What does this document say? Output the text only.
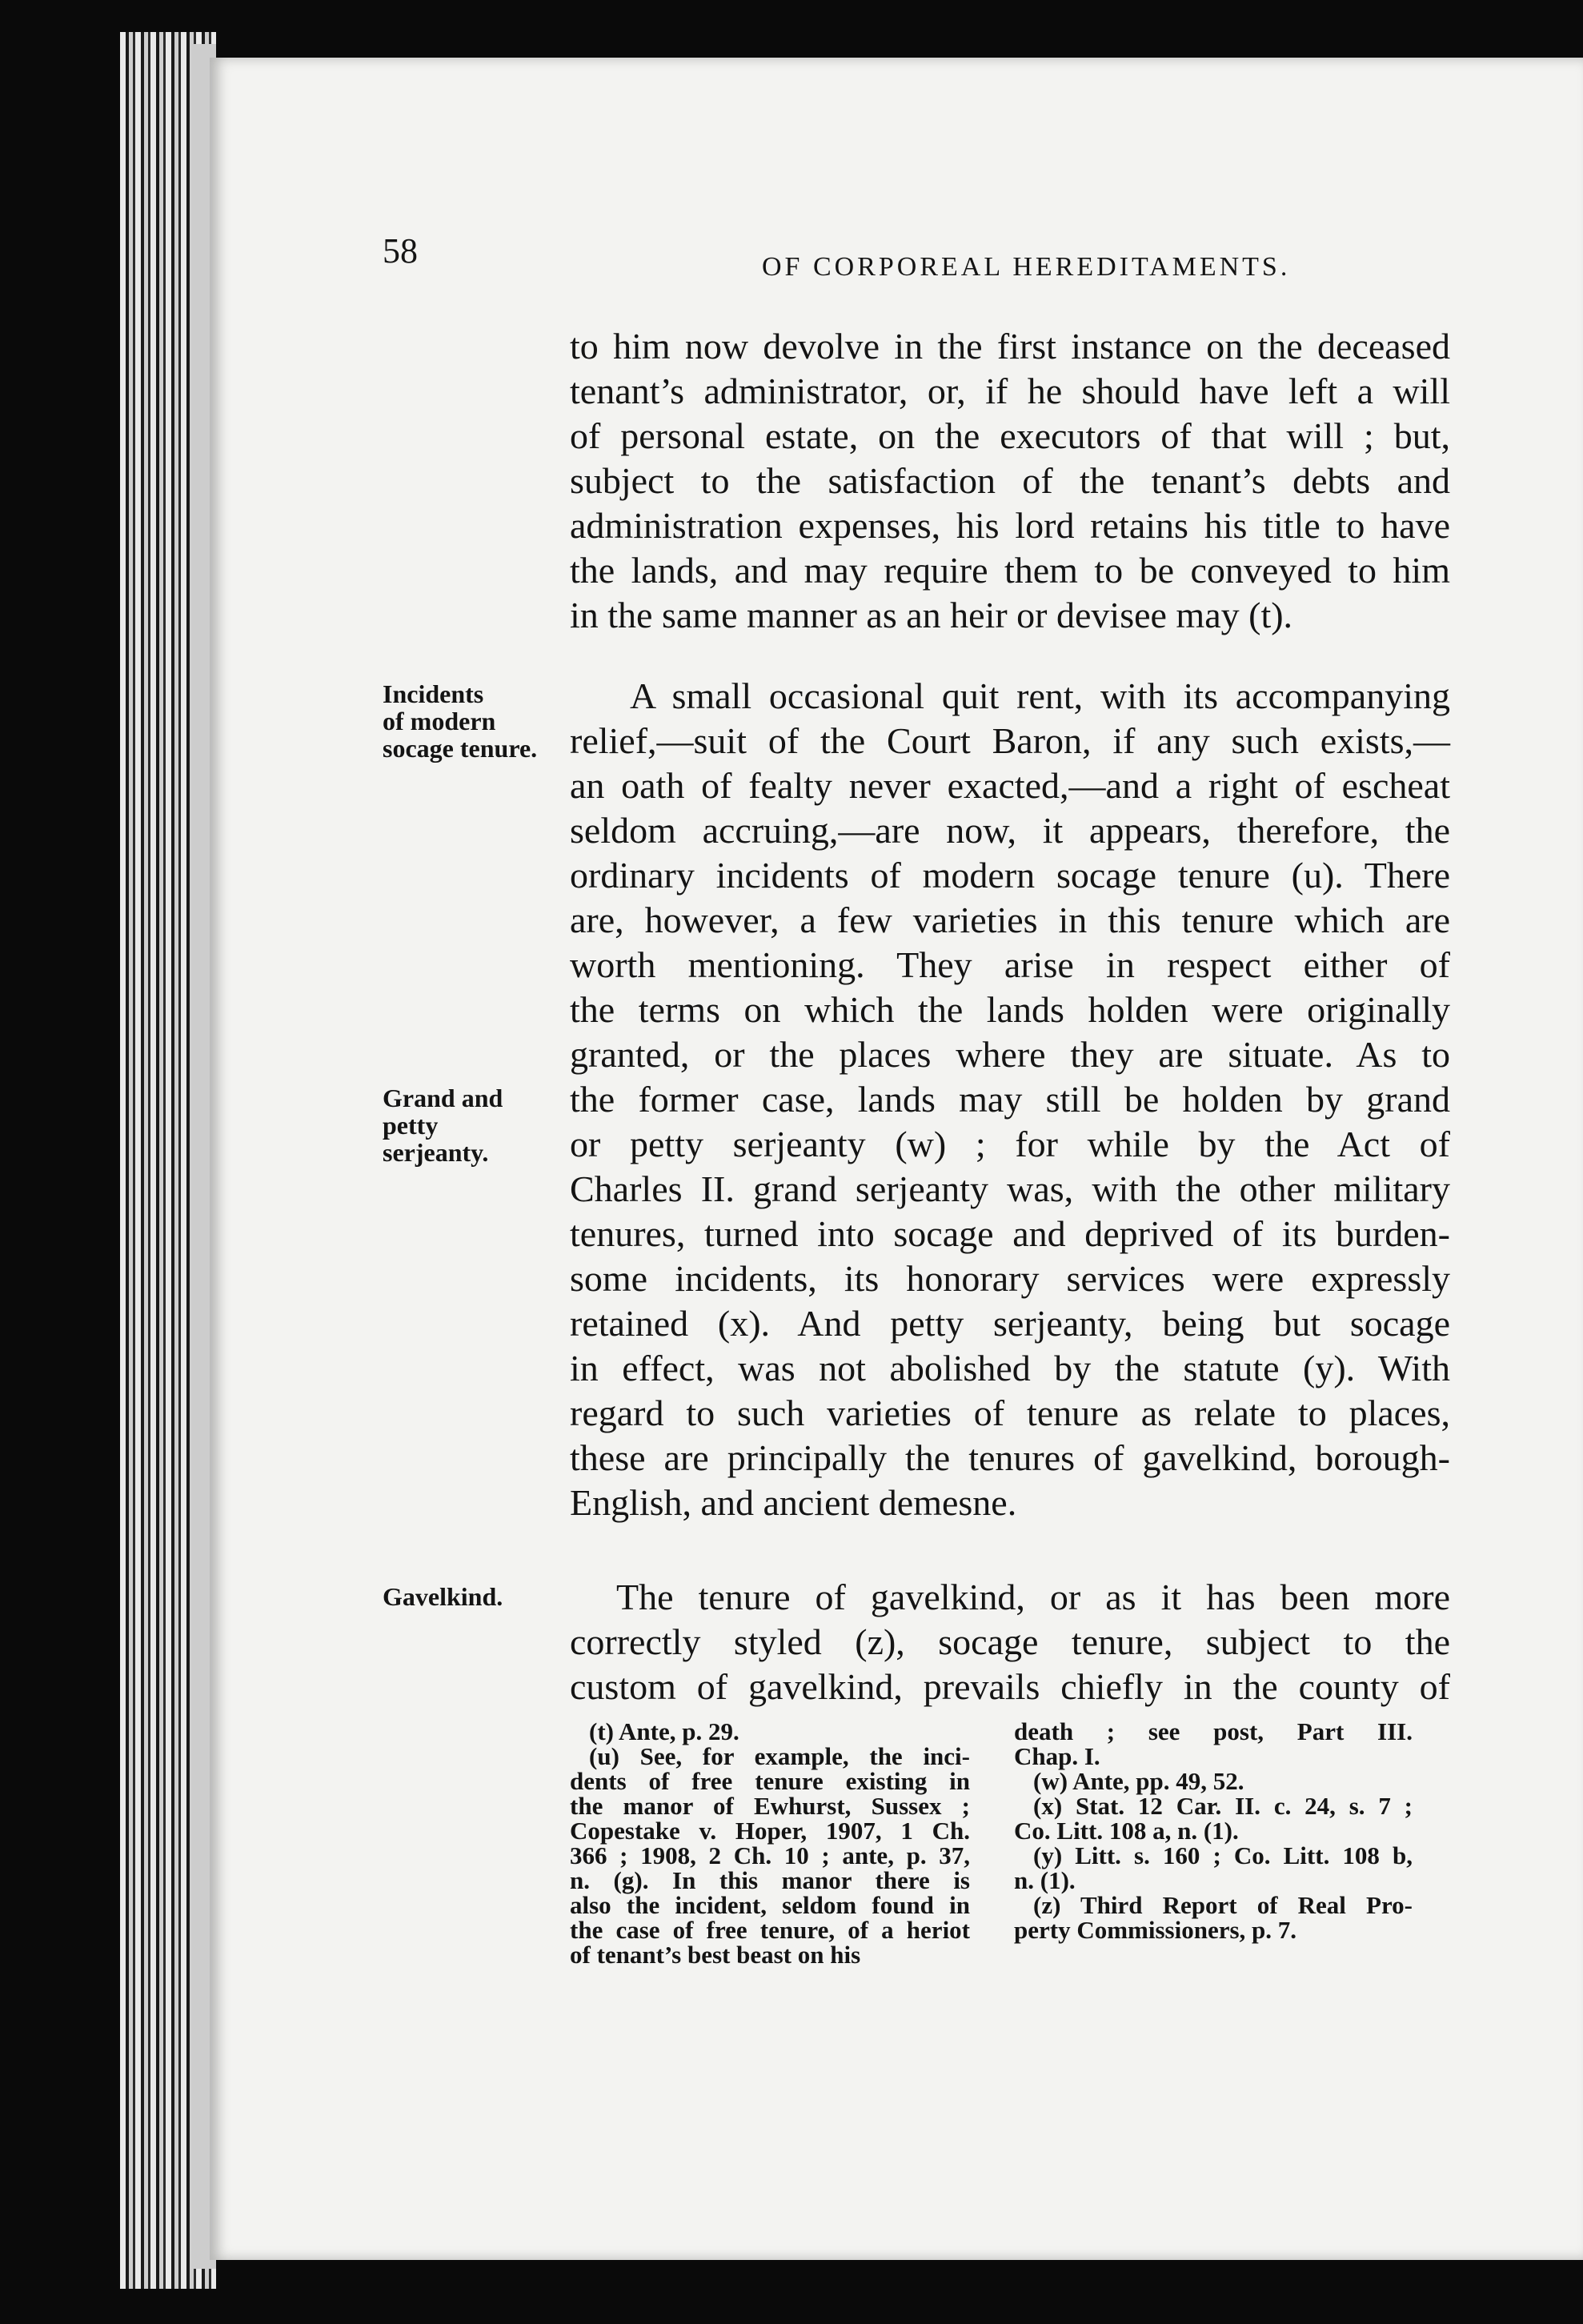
58	OF CORPOREAL HEREDITAMENTS.
to him now devolve in the first instance on the deceased
tenant’s administrator, or, if he should have left a will
of personal estate, on the executors of that will ; but,
subject to the satisfaction of the tenant’s debts and
administration expenses, his lord retains his title to have
the lands, and may require them to be conveyed to him
in the same manner as an heir or devisee may (t).
Incidents
of modern
socage tenure.
Grand and
petty
serjeanty.
Gavelkind.
A small occasional quit rent, with its accompanying
relief,—suit of the Court Baron, if any such exists,—
an oath of fealty never exacted,—and a right of escheat
seldom accruing,—are now, it appears, therefore, the
ordinary incidents of modern socage tenure (u). There
are, however, a few varieties in this tenure which are
worth mentioning. They arise in respect either of
the terms on which the lands holden were originally
granted, or the places where they are situate. As to
the former case, lands may still be holden by grand
or petty serjeanty (w) ; for while by the Act of
Charles II. grand serjeanty was, with the other military
tenures, turned into socage and deprived of its burden-
some incidents, its honorary services were expressly
retained (x). And petty serjeanty, being but socage
in effect, was not abolished by the statute (y). With
regard to such varieties of tenure as relate to places,
these are principally the tenures of gavelkind, borough-
English, and ancient demesne.
The tenure of gavelkind, or as it has been more
correctly styled (z), socage tenure, subject to the
custom of gavelkind, prevails chiefly in the county of
(t) Ante, p. 29.
(u) See, for example, the inci-
dents of free tenure existing in
the manor of Ewhurst, Sussex ;
Copestake v. Hoper, 1907, 1 Ch.
366 ; 1908, 2 Ch. 10 ; ante, p. 37,
n. (g). In this manor there is
also the incident, seldom found in
the case of free tenure, of a heriot
of tenant’s best beast on his
death ; see post, Part III.
Chap. I.
(w) Ante, pp. 49, 52.
(x) Stat. 12 Car. II. c. 24, s. 7 ;
Co. Litt. 108 a, n. (1).
(y) Litt. s. 160 ; Co. Litt. 108 b,
n. (1).
(z) Third Report of Real Pro-
perty Commissioners, p. 7.
